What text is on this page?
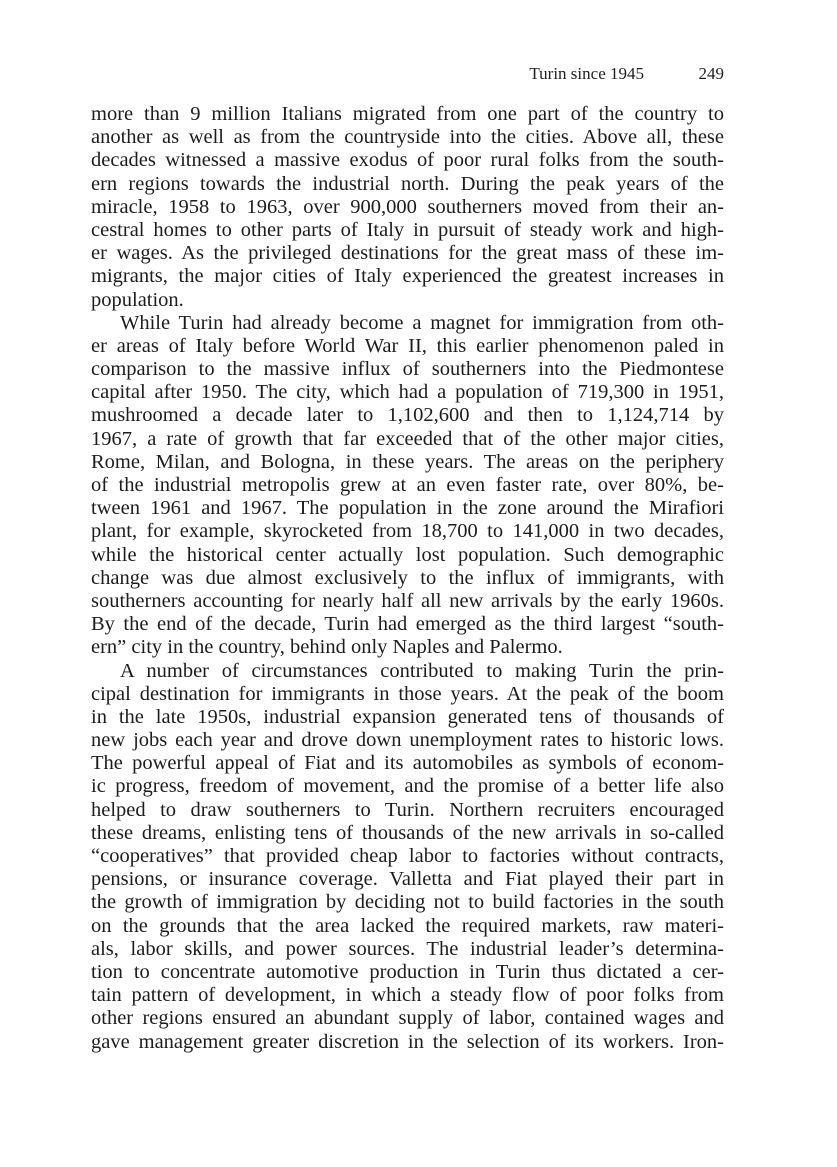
Turin since 1945	249
more than 9 million Italians migrated from one part of the country to
another as well as from the countryside into the cities. Above all, these
decades witnessed a massive exodus of poor rural folks from the south-
ern regions towards the industrial north. During the peak years of the
miracle, 1958 to 1963, over 900,000 southerners moved from their an-
cestral homes to other parts of Italy in pursuit of steady work and high-
er wages. As the privileged destinations for the great mass of these im-
migrants, the major cities of Italy experienced the greatest increases in
population.
While Turin had already become a magnet for immigration from oth-
er areas of Italy before World War II, this earlier phenomenon paled in
comparison to the massive influx of southerners into the Piedmontese
capital after 1950. The city, which had a population of 719,300 in 1951,
mushroomed a decade later to 1,102,600 and then to 1,124,714 by
1967, a rate of growth that far exceeded that of the other major cities,
Rome, Milan, and Bologna, in these years. The areas on the periphery
of the industrial metropolis grew at an even faster rate, over 80%, be-
tween 1961 and 1967. The population in the zone around the Mirafiori
plant, for example, skyrocketed from 18,700 to 141,000 in two decades,
while the historical center actually lost population. Such demographic
change was due almost exclusively to the influx of immigrants, with
southerners accounting for nearly half all new arrivals by the early 1960s.
By the end of the decade, Turin had emerged as the third largest “south-
ern” city in the country, behind only Naples and Palermo.
A number of circumstances contributed to making Turin the prin-
cipal destination for immigrants in those years. At the peak of the boom
in the late 1950s, industrial expansion generated tens of thousands of
new jobs each year and drove down unemployment rates to historic lows.
The powerful appeal of Fiat and its automobiles as symbols of econom-
ic progress, freedom of movement, and the promise of a better life also
helped to draw southerners to Turin. Northern recruiters encouraged
these dreams, enlisting tens of thousands of the new arrivals in so-called
“cooperatives” that provided cheap labor to factories without contracts,
pensions, or insurance coverage. Valletta and Fiat played their part in
the growth of immigration by deciding not to build factories in the south
on the grounds that the area lacked the required markets, raw materi-
als, labor skills, and power sources. The industrial leader’s determina-
tion to concentrate automotive production in Turin thus dictated a cer-
tain pattern of development, in which a steady flow of poor folks from
other regions ensured an abundant supply of labor, contained wages and
gave management greater discretion in the selection of its workers. Iron-
